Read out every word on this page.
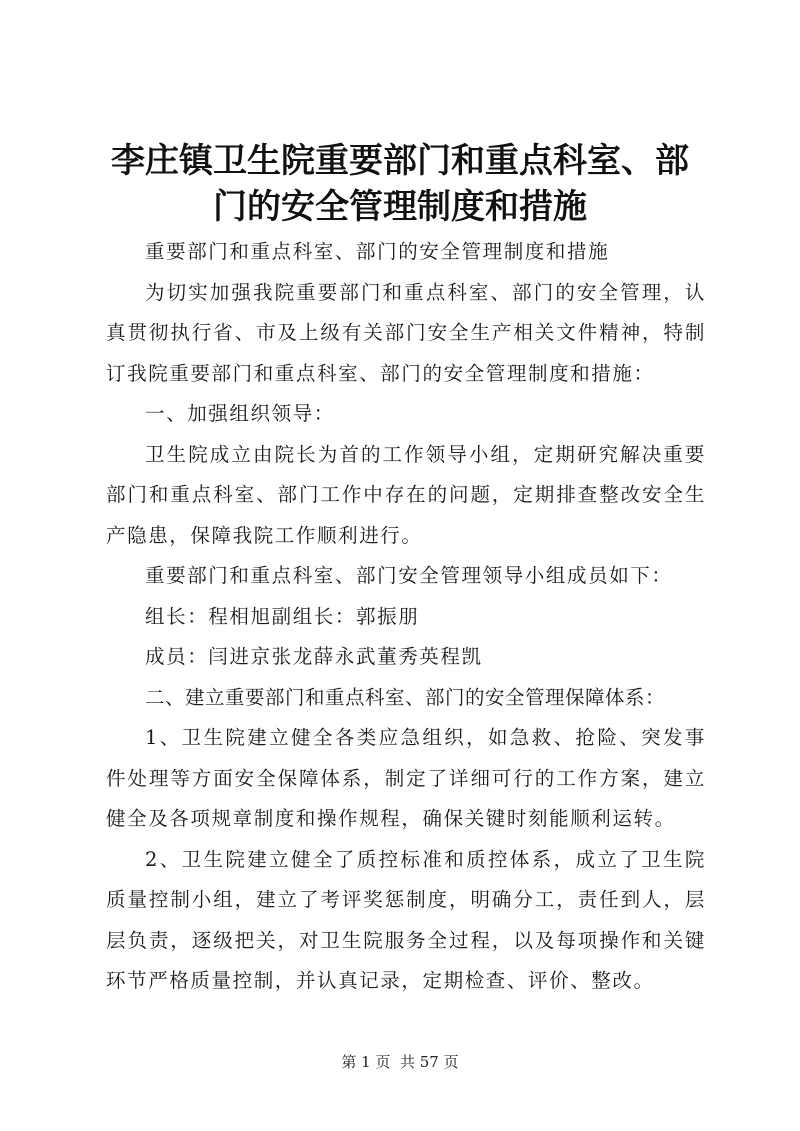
李庄镇卫生院重要部门和重点科室、部门的安全管理制度和措施

重要部门和重点科室、部门的安全管理制度和措施

为切实加强我院重要部门和重点科室、部门的安全管理，认真贯彻执行省、市及上级有关部门安全生产相关文件精神，特制订我院重要部门和重点科室、部门的安全管理制度和措施：

一、加强组织领导：

卫生院成立由院长为首的工作领导小组，定期研究解决重要部门和重点科室、部门工作中存在的问题，定期排查整改安全生产隐患，保障我院工作顺利进行。

重要部门和重点科室、部门安全管理领导小组成员如下：

组长：程相旭副组长：郭振朋

成员：闫进京张龙薛永武董秀英程凯

二、建立重要部门和重点科室、部门的安全管理保障体系：

1、卫生院建立健全各类应急组织，如急救、抢险、突发事件处理等方面安全保障体系，制定了详细可行的工作方案，建立健全及各项规章制度和操作规程，确保关键时刻能顺利运转。

2、卫生院建立健全了质控标准和质控体系，成立了卫生院质量控制小组，建立了考评奖惩制度，明确分工，责任到人，层层负责，逐级把关，对卫生院服务全过程，以及每项操作和关键环节严格质量控制，并认真记录，定期检查、评价、整改。

第 1 页  共 57 页
